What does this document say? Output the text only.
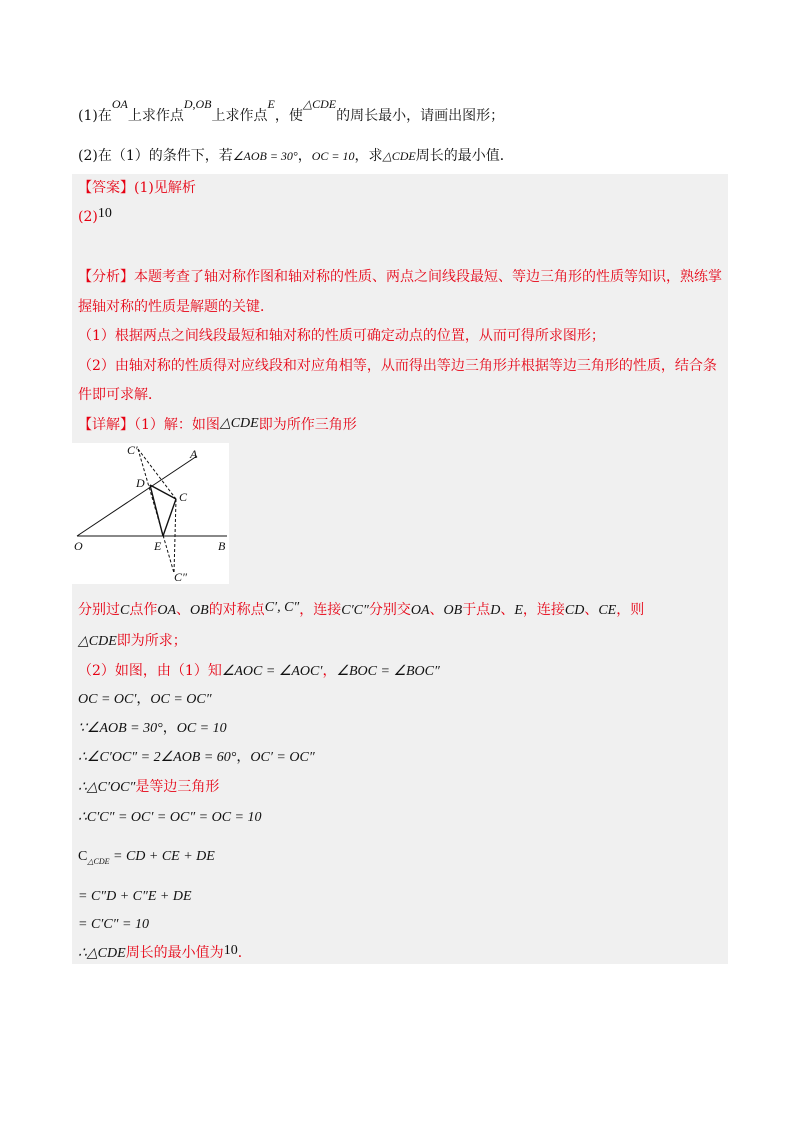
(1)在OA上求作点D,OB上求作点E，使△CDE的周长最小，请画出图形；
(2)在（1）的条件下，若∠AOB = 30°，OC = 10，求△CDE周长的最小值．
【答案】(1)见解析
(2)10
【分析】本题考查了轴对称作图和轴对称的性质、两点之间线段最短、等边三角形的性质等知识，熟练掌
握轴对称的性质是解题的关键．
（1）根据两点之间线段最短和轴对称的性质可确定动点的位置，从而可得所求图形；
（2）由轴对称的性质得对应线段和对应角相等，从而得出等边三角形并根据等边三角形的性质，结合条
件即可求解．
【详解】（1）解：如图△CDE即为所作三角形
C′	A
D
C
O	E	B
C″
分别过C点作OA、OB的对称点C′, C″，连接C′C″分别交OA、OB于点D、E，连接CD、CE，则
△CDE即为所求；
（2）如图，由（1）知∠AOC = ∠AOC′，∠BOC = ∠BOC″
OC = OC′，OC = OC″
∵∠AOB = 30°，OC = 10
∴∠C′OC″ = 2∠AOB = 60°，OC′ = OC″
∴△C′OC″是等边三角形
∴C′C″ = OC′ = OC″ = OC = 10
$C_{\triangle CDE}$ = CD + CE + DE
= C″D + C″E + DE
= C′C″ = 10
∴△CDE周长的最小值为10．
